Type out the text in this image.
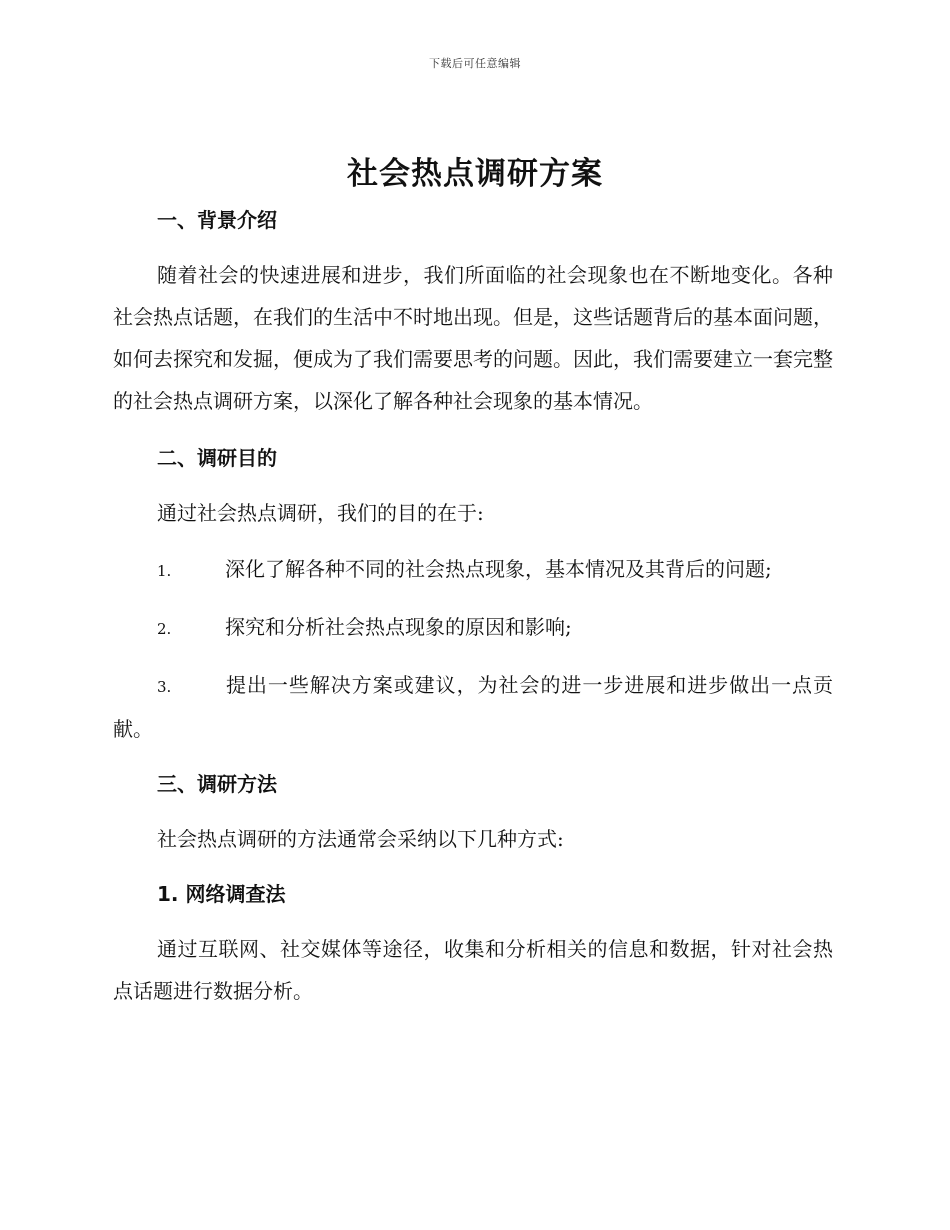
下载后可任意编辑
社会热点调研方案
一、背景介绍

随着社会的快速进展和进步，我们所面临的社会现象也在不断地变化。各种社会热点话题，在我们的生活中不时地出现。但是，这些话题背后的基本面问题，如何去探究和发掘，便成为了我们需要思考的问题。因此，我们需要建立一套完整的社会热点调研方案，以深化了解各种社会现象的基本情况。

二、调研目的

通过社会热点调研，我们的目的在于:

1.	深化了解各种不同的社会热点现象，基本情况及其背后的问题;

2.	探究和分析社会热点现象的原因和影响;

3.	提出一些解决方案或建议，为社会的进一步进展和进步做出一点贡献。

三、调研方法

社会热点调研的方法通常会采纳以下几种方式:

1. 网络调查法

通过互联网、社交媒体等途径，收集和分析相关的信息和数据，针对社会热点话题进行数据分析。
